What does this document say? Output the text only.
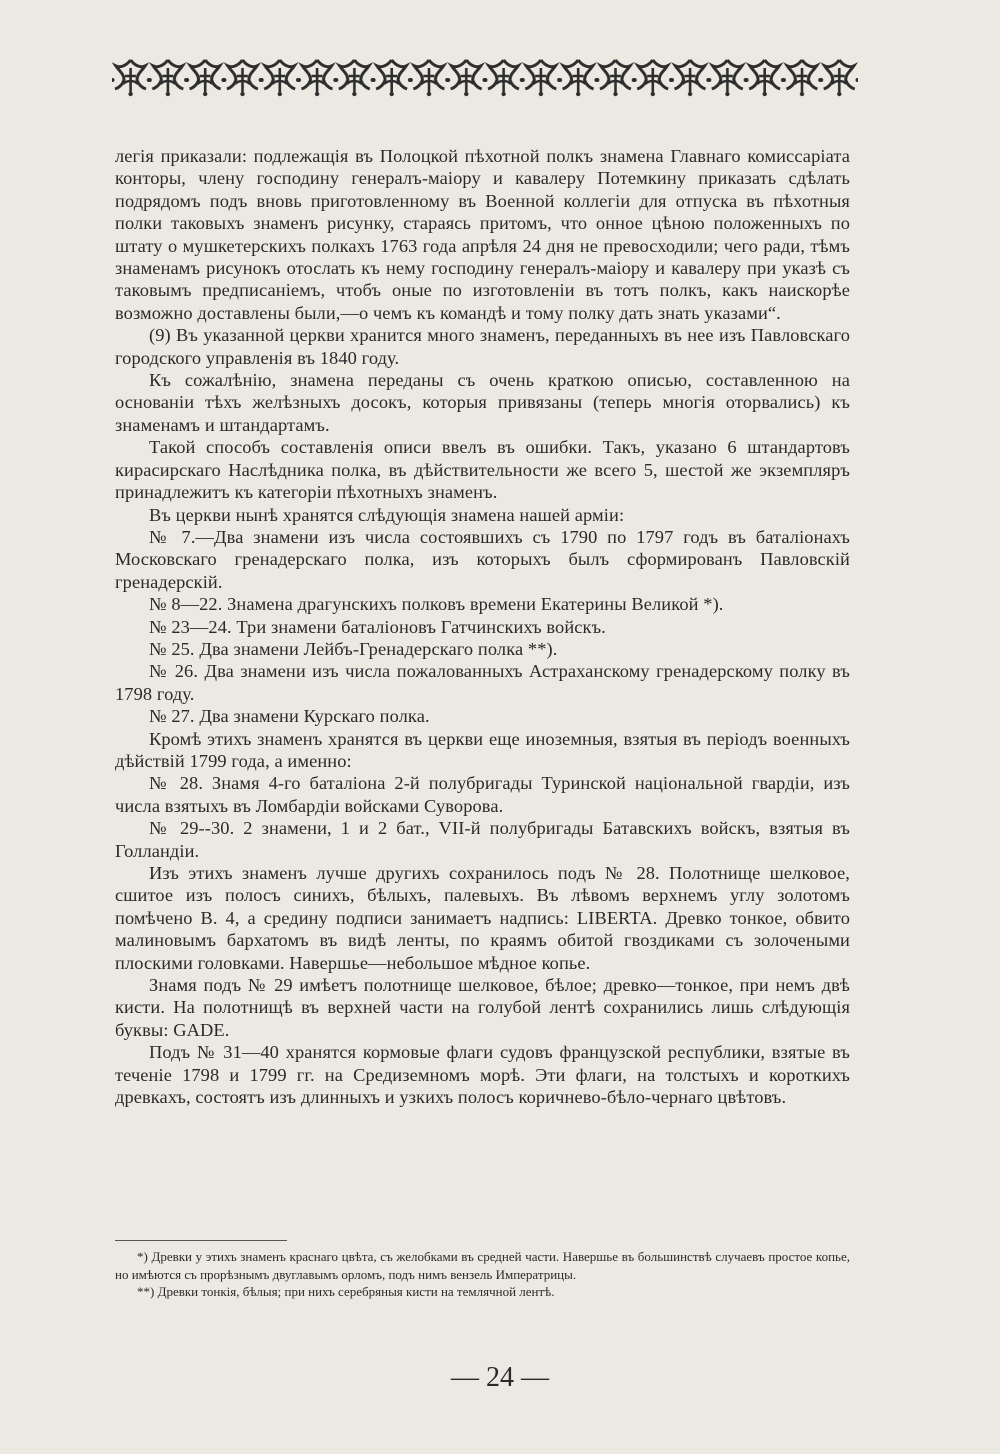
легія приказали: подлежащія въ Полоцкой пѣхотной полкъ знамена Главнаго комиссаріата конторы, члену господину генералъ-маіору и кавалеру Потемкину приказать сдѣлать подрядомъ подъ вновь приготовленному въ Военной коллегіи для отпуска въ пѣхотныя полки таковыхъ знаменъ рисунку, стараясь притомъ, что онное цѣною положенныхъ по штату о мушкетерскихъ полкахъ 1763 года апрѣля 24 дня не превосходили; чего ради, тѣмъ знаменамъ рисунокъ отослать къ нему господину генералъ-маіору и кавалеру при указѣ съ таковымъ предписаніемъ, чтобъ оные по изготовленіи въ тотъ полкъ, какъ наискорѣе возможно доставлены были,—о чемъ къ командѣ и тому полку дать знать указами“.

(9) Въ указанной церкви хранится много знаменъ, переданныхъ въ нее изъ Павловскаго городского управленія въ 1840 году.

Къ сожалѣнію, знамена переданы съ очень краткою описью, составленною на основаніи тѣхъ желѣзныхъ досокъ, которыя привязаны (теперь многія оторвались) къ знаменамъ и штандартамъ.

Такой способъ составленія описи ввелъ въ ошибки. Такъ, указано 6 штандартовъ кирасирскаго Наслѣдника полка, въ дѣйствительности же всего 5, шестой же экземпляръ принадлежитъ къ категоріи пѣхотныхъ знаменъ.

Въ церкви нынѣ хранятся слѣдующія знамена нашей арміи:

№ 7.—Два знамени изъ числа состоявшихъ съ 1790 по 1797 годъ въ баталіонахъ Московскаго гренадерскаго полка, изъ которыхъ былъ сформированъ Павловскій гренадерскій.

№ 8—22. Знамена драгунскихъ полковъ времени Екатерины Великой *).

№ 23—24. Три знамени баталіоновъ Гатчинскихъ войскъ.

№ 25. Два знамени Лейбъ-Гренадерскаго полка **).

№ 26. Два знамени изъ числа пожалованныхъ Астраханскому гренадерскому полку въ 1798 году.

№ 27. Два знамени Курскаго полка.

Кромѣ этихъ знаменъ хранятся въ церкви еще иноземныя, взятыя въ періодъ военныхъ дѣйствій 1799 года, а именно:

№ 28. Знамя 4-го баталіона 2-й полубригады Туринской національной гвардіи, изъ числа взятыхъ въ Ломбардіи войсками Суворова.

№ 29--30. 2 знамени, 1 и 2 бат., VII-й полубригады Батавскихъ войскъ, взятыя въ Голландіи.

Изъ этихъ знаменъ лучше другихъ сохранилось подъ № 28. Полотнище шелковое, сшитое изъ полосъ синихъ, бѣлыхъ, палевыхъ. Въ лѣвомъ верхнемъ углу золотомъ помѣчено В. 4, а средину подписи занимаетъ надпись: LIBERTA. Древко тонкое, обвито малиновымъ бархатомъ въ видѣ ленты, по краямъ обитой гвоздиками съ золочеными плоскими головками. Навершье—небольшое мѣдное копье.

Знамя подъ № 29 имѣетъ полотнище шелковое, бѣлое; древко—тонкое, при немъ двѣ кисти. На полотнищѣ въ верхней части на голубой лентѣ сохранились лишь слѣдующія буквы: GADE.

Подъ № 31—40 хранятся кормовые флаги судовъ французской республики, взятые въ теченіе 1798 и 1799 гг. на Средиземномъ морѣ. Эти флаги, на толстыхъ и короткихъ древкахъ, состоятъ изъ длинныхъ и узкихъ полосъ коричнево-бѣло-чернаго цвѣтовъ.

*) Древки у этихъ знаменъ краснаго цвѣта, съ желобками въ средней части. Навершье въ большинствѣ случаевъ простое копье, но имѣются съ прорѣзнымъ двуглавымъ орломъ, подъ нимъ вензель Императрицы.

**) Древки тонкія, бѣлыя; при нихъ серебряныя кисти на темлячной лентѣ.

— 24 —
